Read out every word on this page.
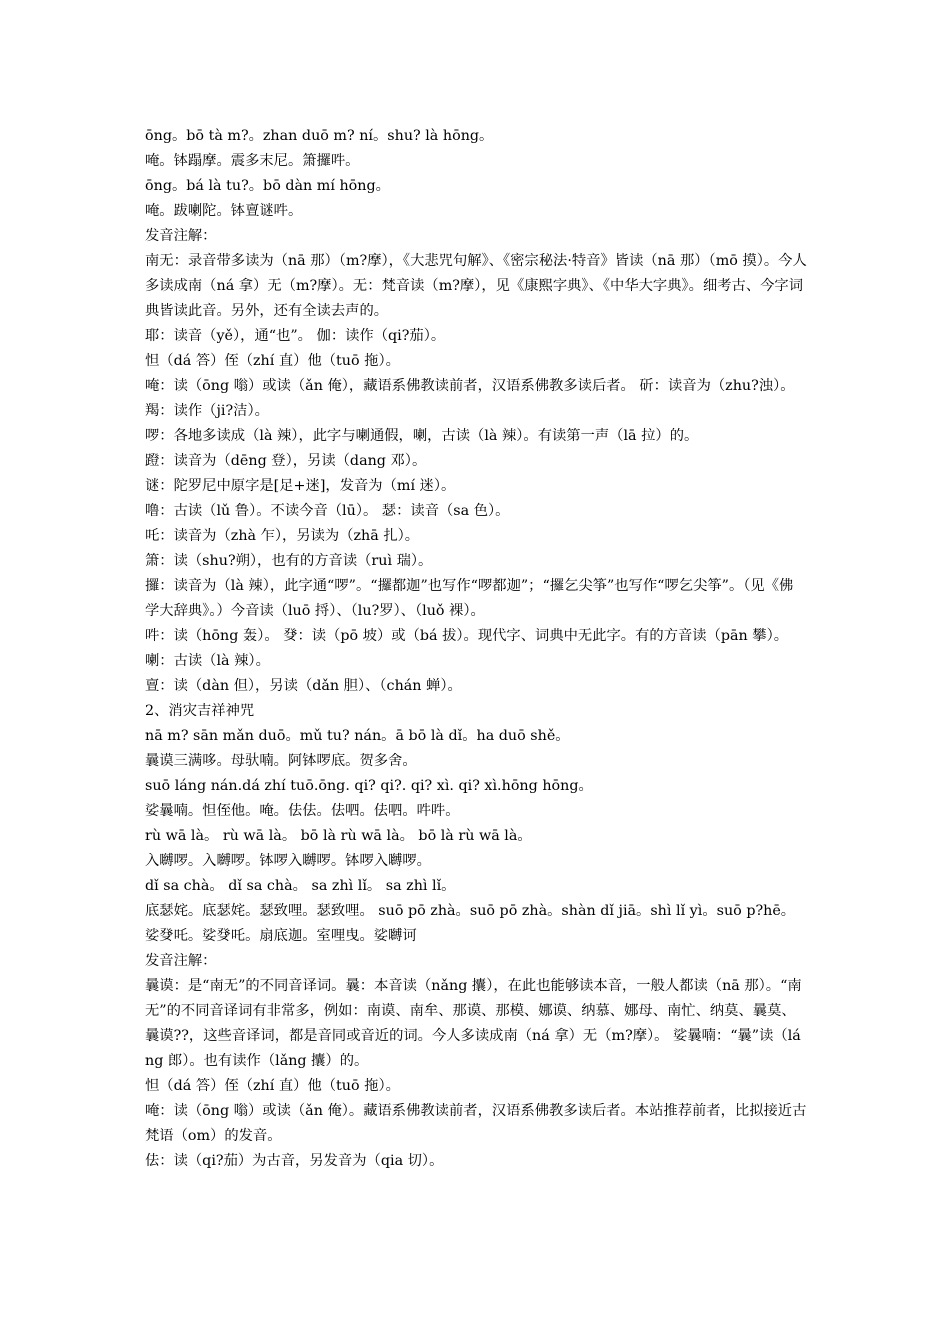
ōng。bō tà m?。zhan duō m? ní。shu? là hōng。

唵。钵蹋摩。震多末尼。箫攞吽。

ōng。bá là tu?。bō dàn mí hōng。

唵。跋喇陀。钵亶谜吽。

发音注解：

南无：录音带多读为（nā 那）（m?摩），《大悲咒句解》、《密宗秘法·特音》皆读（nā 那）（mō 摸）。今人多读成南（ná 拿）无（m?摩）。无：梵音读（m?摩），见《康熙字典》、《中华大字典》。细考古、今字词典皆读此音。另外，还有全读去声的。

耶：读音（yě），通“也”。 伽：读作（qi?茄）。

怛（dá 答）侄（zhí 直）他（tuō 拖）。

唵：读（ōng 嗡）或读（ǎn 俺），藏语系佛教读前者，汉语系佛教多读后者。 斫：读音为（zhu?浊）。 羯：读作（ji?洁）。

啰：各地多读成（là 辣），此字与喇通假，喇，古读（là 辣）。有读第一声（lā 拉）的。

蹬：读音为（dēng 登），另读（dang 邓）。

谜：陀罗尼中原字是[足+迷]，发音为（mí 迷）。

噜：古读（lǔ 鲁）。不读今音（lū）。 瑟：读音（sa 色）。

吒：读音为（zhà 乍），另读为（zhā 扎）。

箫：读（shu?朔），也有的方音读（ruì 瑞）。

攞：读音为（là 辣），此字通“啰”。“攞都迦”也写作“啰都迦”；“攞乞尖筝”也写作“啰乞尖筝”。（见《佛学大辞典》。）今音读（luō 捋）、（lu?罗）、（luǒ 裸）。

吽：读（hōng 轰）。 癹：读（pō 坡）或（bá 拔）。现代字、词典中无此字。有的方音读（pān 攀）。

喇：古读（là 辣）。

亶：读（dàn 但），另读（dǎn 胆）、（chán 蝉）。

2、消灾吉祥神咒

nā m? sān mǎn duō。mǔ tu? nán。ā bō là dǐ。ha duō shě。

曩谟三满哆。母驮喃。阿钵啰底。贺多舍。

suō láng nán.dá zhí tuō.ōng. qi? qi?. qi? xì. qi? xì.hōng hōng。

娑曩喃。怛侄他。唵。佉佉。佉呬。佉呬。吽吽。

rù wā là。 rù wā là。 bō là rù wā là。 bō là rù wā là。

入嚩啰。入嚩啰。钵啰入嚩啰。钵啰入嚩啰。

dǐ sa chà。 dǐ sa chà。 sa zhì lǐ。 sa zhì lǐ。

底瑟姹。底瑟姹。瑟致哩。瑟致哩。 suō pō zhà。suō pō zhà。shàn dǐ jiā。shì lǐ yì。suō p?hē。

娑癹吒。娑癹吒。扇底迦。室哩曳。娑嚩诃

发音注解：

曩谟：是“南无”的不同音译词。曩：本音读（nǎng 攮），在此也能够读本音，一般人都读（nā 那）。“南无”的不同音译词有非常多，例如：南谟、南牟、那谟、那模、娜谟、纳慕、娜母、南忙、纳莫、曩莫、曩谟??，这些音译词，都是音同或音近的词。今人多读成南（ná 拿）无（m?摩）。 娑曩喃：“曩”读（láng 郎）。也有读作（lǎng 攮）的。

怛（dá 答）侄（zhí 直）他（tuō 拖）。

唵：读（ōng 嗡）或读（ǎn 俺）。藏语系佛教读前者，汉语系佛教多读后者。本站推荐前者，比拟接近古梵语（om）的发音。

佉：读（qi?茄）为古音，另发音为（qia 切）。
